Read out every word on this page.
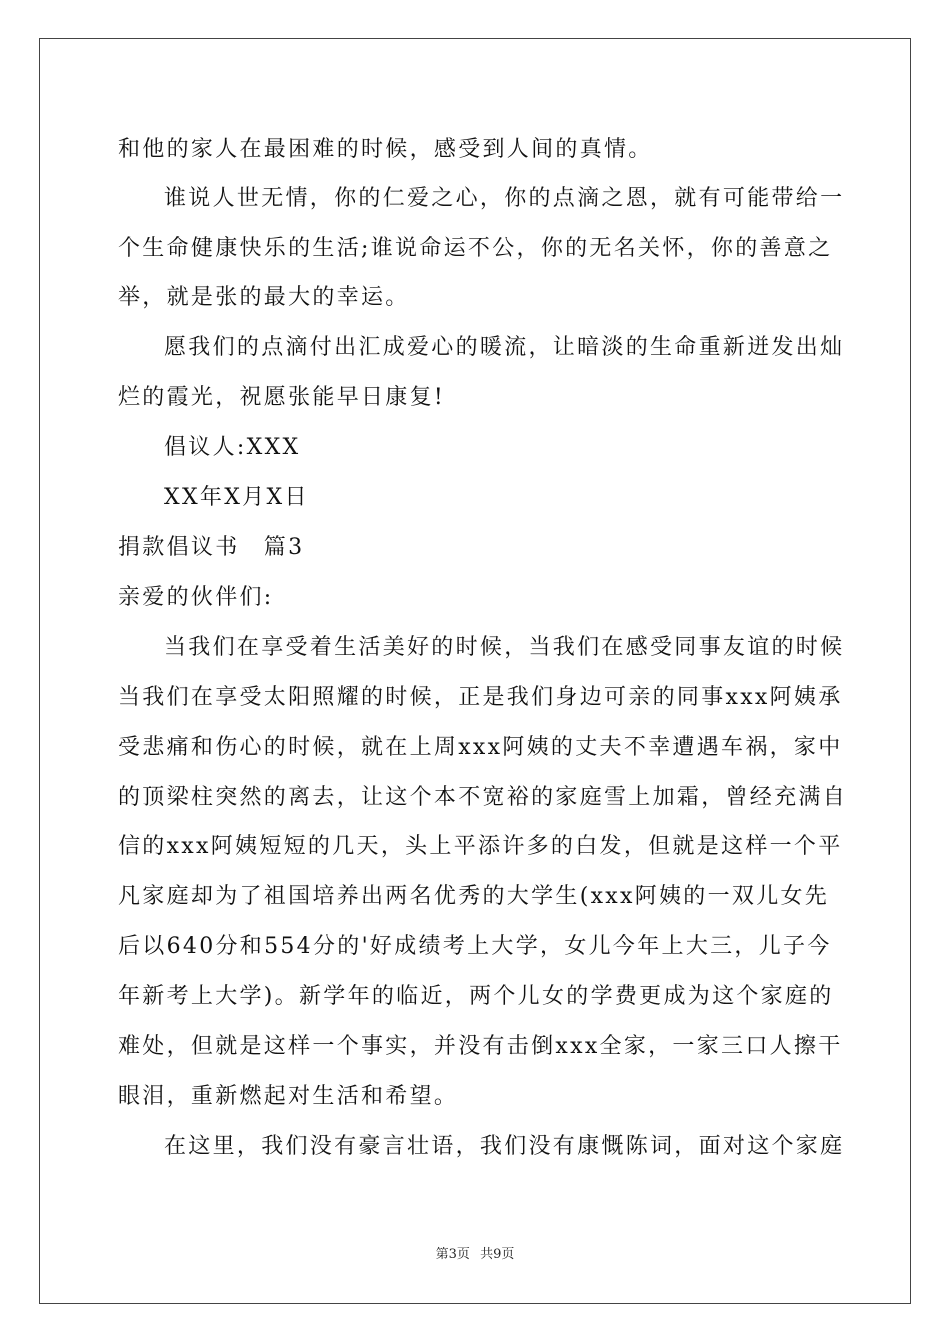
和他的家人在最困难的时候，感受到人间的真情。
谁说人世无情，你的仁爱之心，你的点滴之恩，就有可能带给一
个生命健康快乐的生活;谁说命运不公，你的无名关怀，你的善意之
举，就是张的最大的幸运。
愿我们的点滴付出汇成爱心的暖流，让暗淡的生命重新迸发出灿
烂的霞光，祝愿张能早日康复!
倡议人:XXX
XX年X月X日
捐款倡议书　篇3
亲爱的伙伴们:
当我们在享受着生活美好的时候，当我们在感受同事友谊的时候
当我们在享受太阳照耀的时候，正是我们身边可亲的同事xxx阿姨承
受悲痛和伤心的时候，就在上周xxx阿姨的丈夫不幸遭遇车祸，家中
的顶梁柱突然的离去，让这个本不宽裕的家庭雪上加霜，曾经充满自
信的xxx阿姨短短的几天，头上平添许多的白发，但就是这样一个平
凡家庭却为了祖国培养出两名优秀的大学生(xxx阿姨的一双儿女先
后以640分和554分的'好成绩考上大学，女儿今年上大三，儿子今
年新考上大学)。新学年的临近，两个儿女的学费更成为这个家庭的
难处，但就是这样一个事实，并没有击倒xxx全家，一家三口人擦干
眼泪，重新燃起对生活和希望。
在这里，我们没有豪言壮语，我们没有康慨陈词，面对这个家庭
第3页 共9页
